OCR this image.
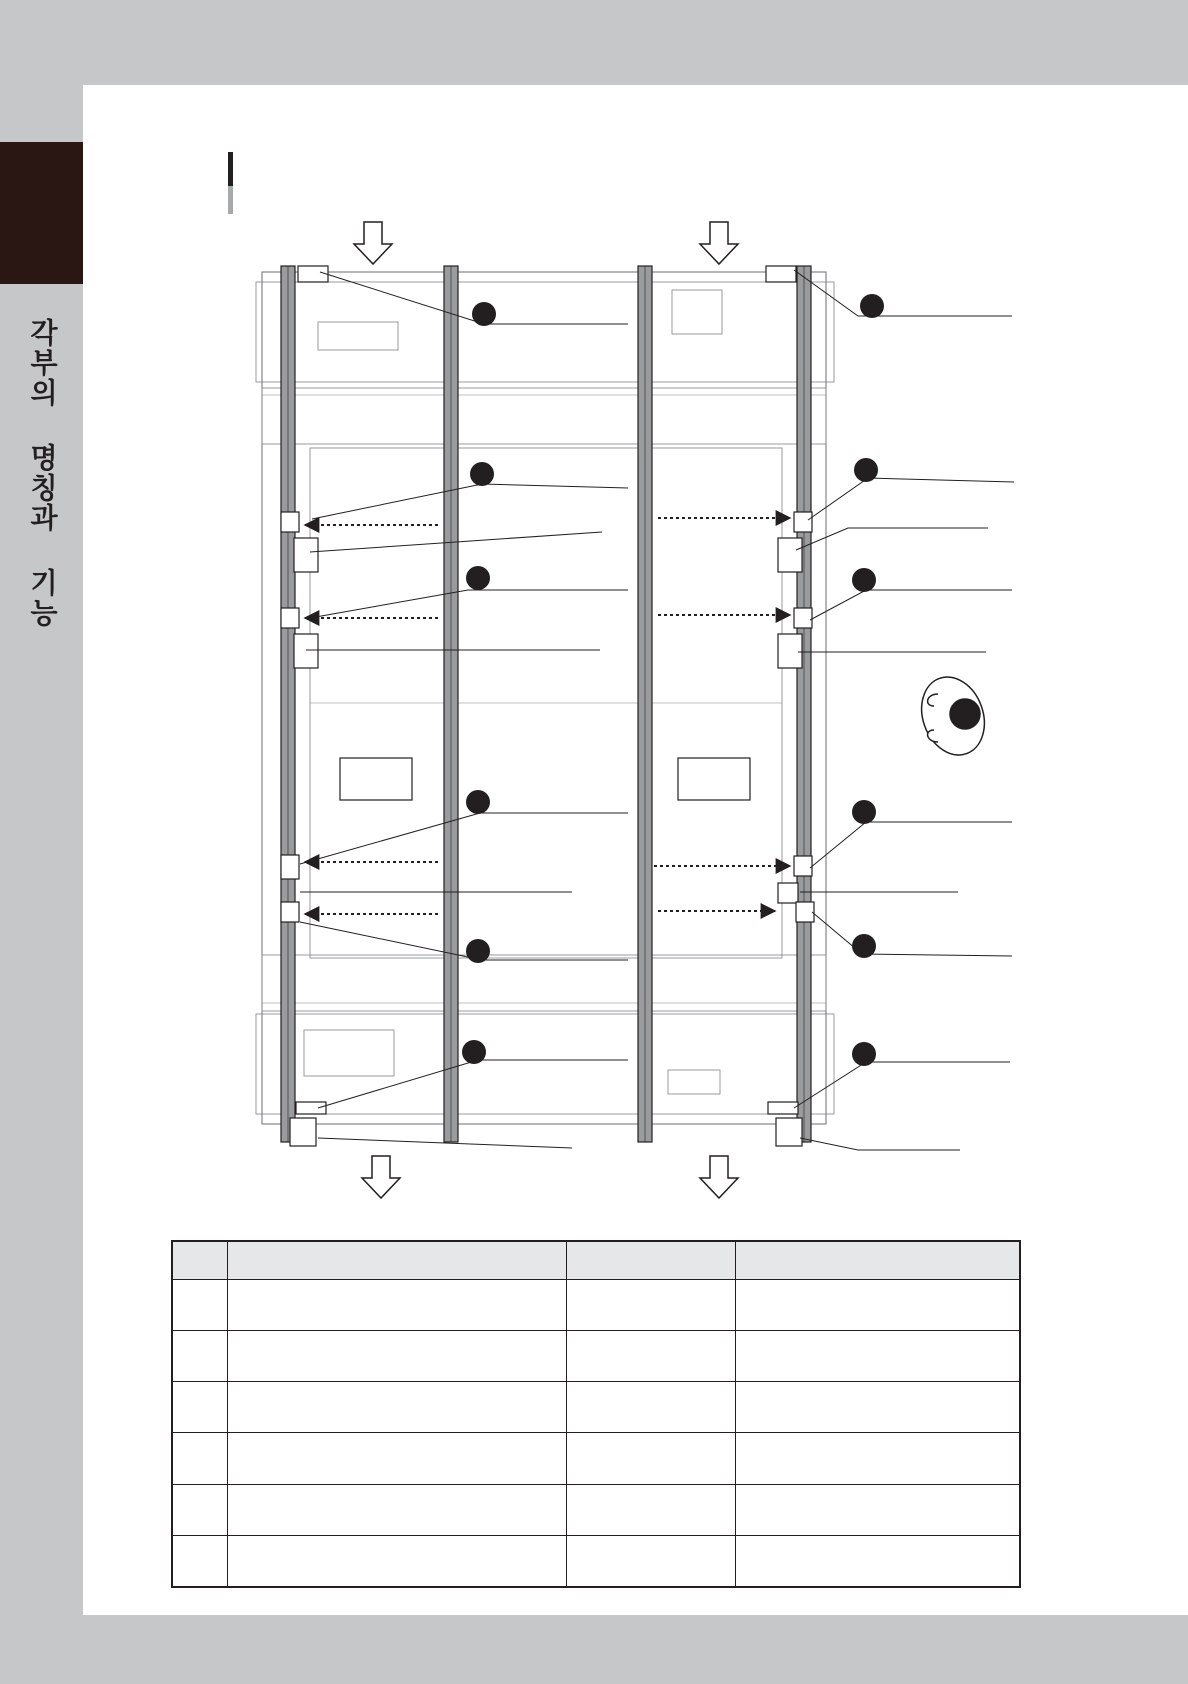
각부의 명칭과 기능
